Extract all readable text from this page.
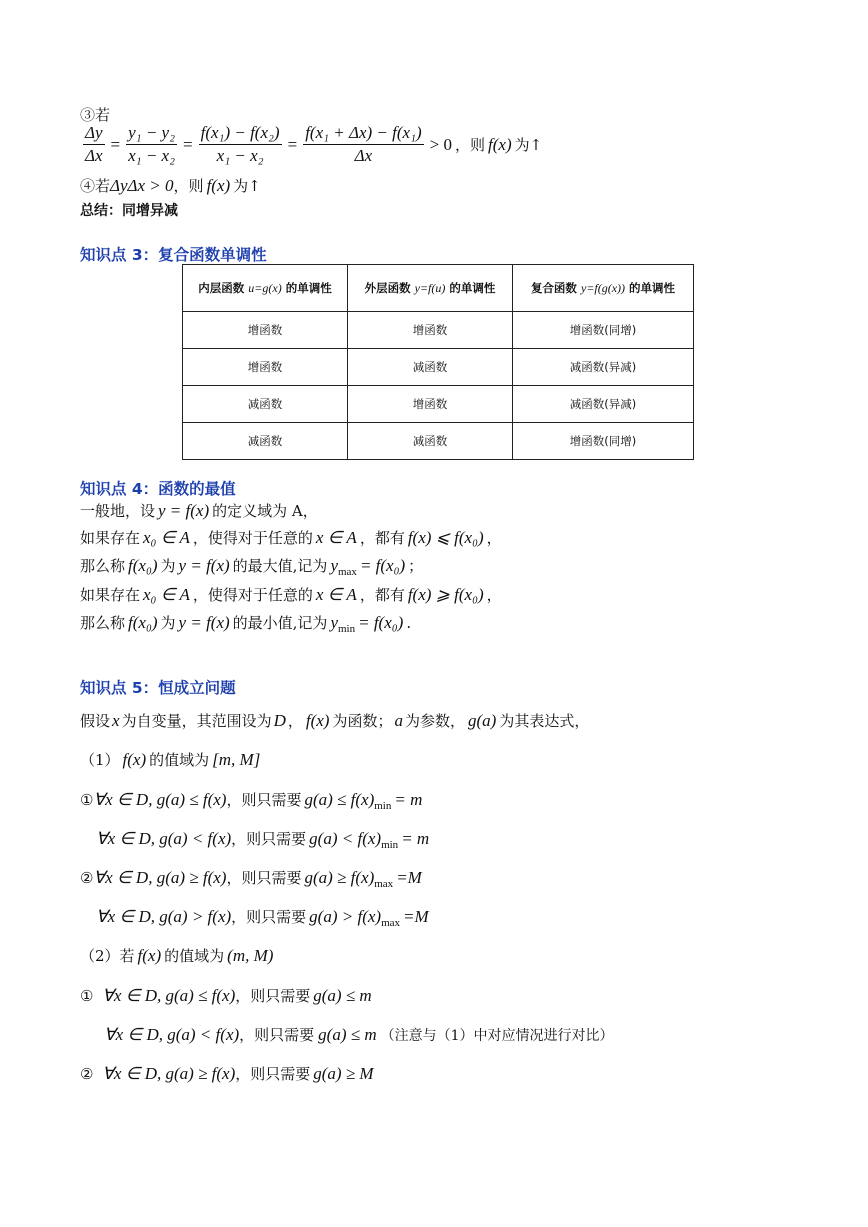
③若
$\frac{\Delta y}{\Delta x} = \frac{\text{y₁ − y₂}}{\text{x₁ − x₂}} = \frac{\text{f(x₁) − f(x₂)}}{\text{x₁ − x₂}} = \frac{\text{f(x₁ + Δx) − f(x₁)}}{\Delta x} > 0$ ，则 f(x) 为↑
④若ΔyΔx > 0，则 f(x) 为↑
总结：同增异减
知识点 3：复合函数单调性
内层函数 u=g(x) 的单调性	外层函数 y=f(u) 的单调性	复合函数 y=f(g(x)) 的单调性
增函数	增函数	增函数(同增)
增函数	减函数	减函数(异减)
减函数	增函数	减函数(异减)
减函数	减函数	增函数(同增)
知识点 4：函数的最值
一般地，设 y = f(x) 的定义域为 A，
如果存在 x₀ ∈ A ，使得对于任意的 x ∈ A ，都有 f(x) ⩽ f(x₀) ，
那么称 f(x₀) 为 y = f(x) 的最大值,记为 $y_{max} = f(x_0)$ ；
如果存在 x₀ ∈ A ，使得对于任意的 x ∈ A ，都有 f(x) ⩾ f(x₀) ，
那么称 f(x₀) 为 y = f(x) 的最小值,记为 $y_{min} = f(x_0)$ .
知识点 5：恒成立问题
假设 x 为自变量，其范围设为 D ， f(x) 为函数； a 为参数， g(a) 为其表达式，
（1） f(x) 的值域为 [m, M]
①∀x ∈ D, g(a) ≤ f(x)，则只需要 $g(a) \le f(x)_{min} = m$
∀x ∈ D, g(a) < f(x)，则只需要 $g(a) < f(x)_{min} = m$
②∀x ∈ D, g(a) ≥ f(x)，则只需要 $g(a) \ge f(x)_{max} =M$
∀x ∈ D, g(a) > f(x)，则只需要 $g(a) > f(x)_{max} =M$
（2）若 f(x) 的值域为 (m, M)
① ∀x ∈ D, g(a) ≤ f(x)，则只需要 g(a) ≤ m
∀x ∈ D, g(a) < f(x)，则只需要 g(a) ≤ m （注意与（1）中对应情况进行对比）
② ∀x ∈ D, g(a) ≥ f(x)，则只需要 g(a) ≥ M
